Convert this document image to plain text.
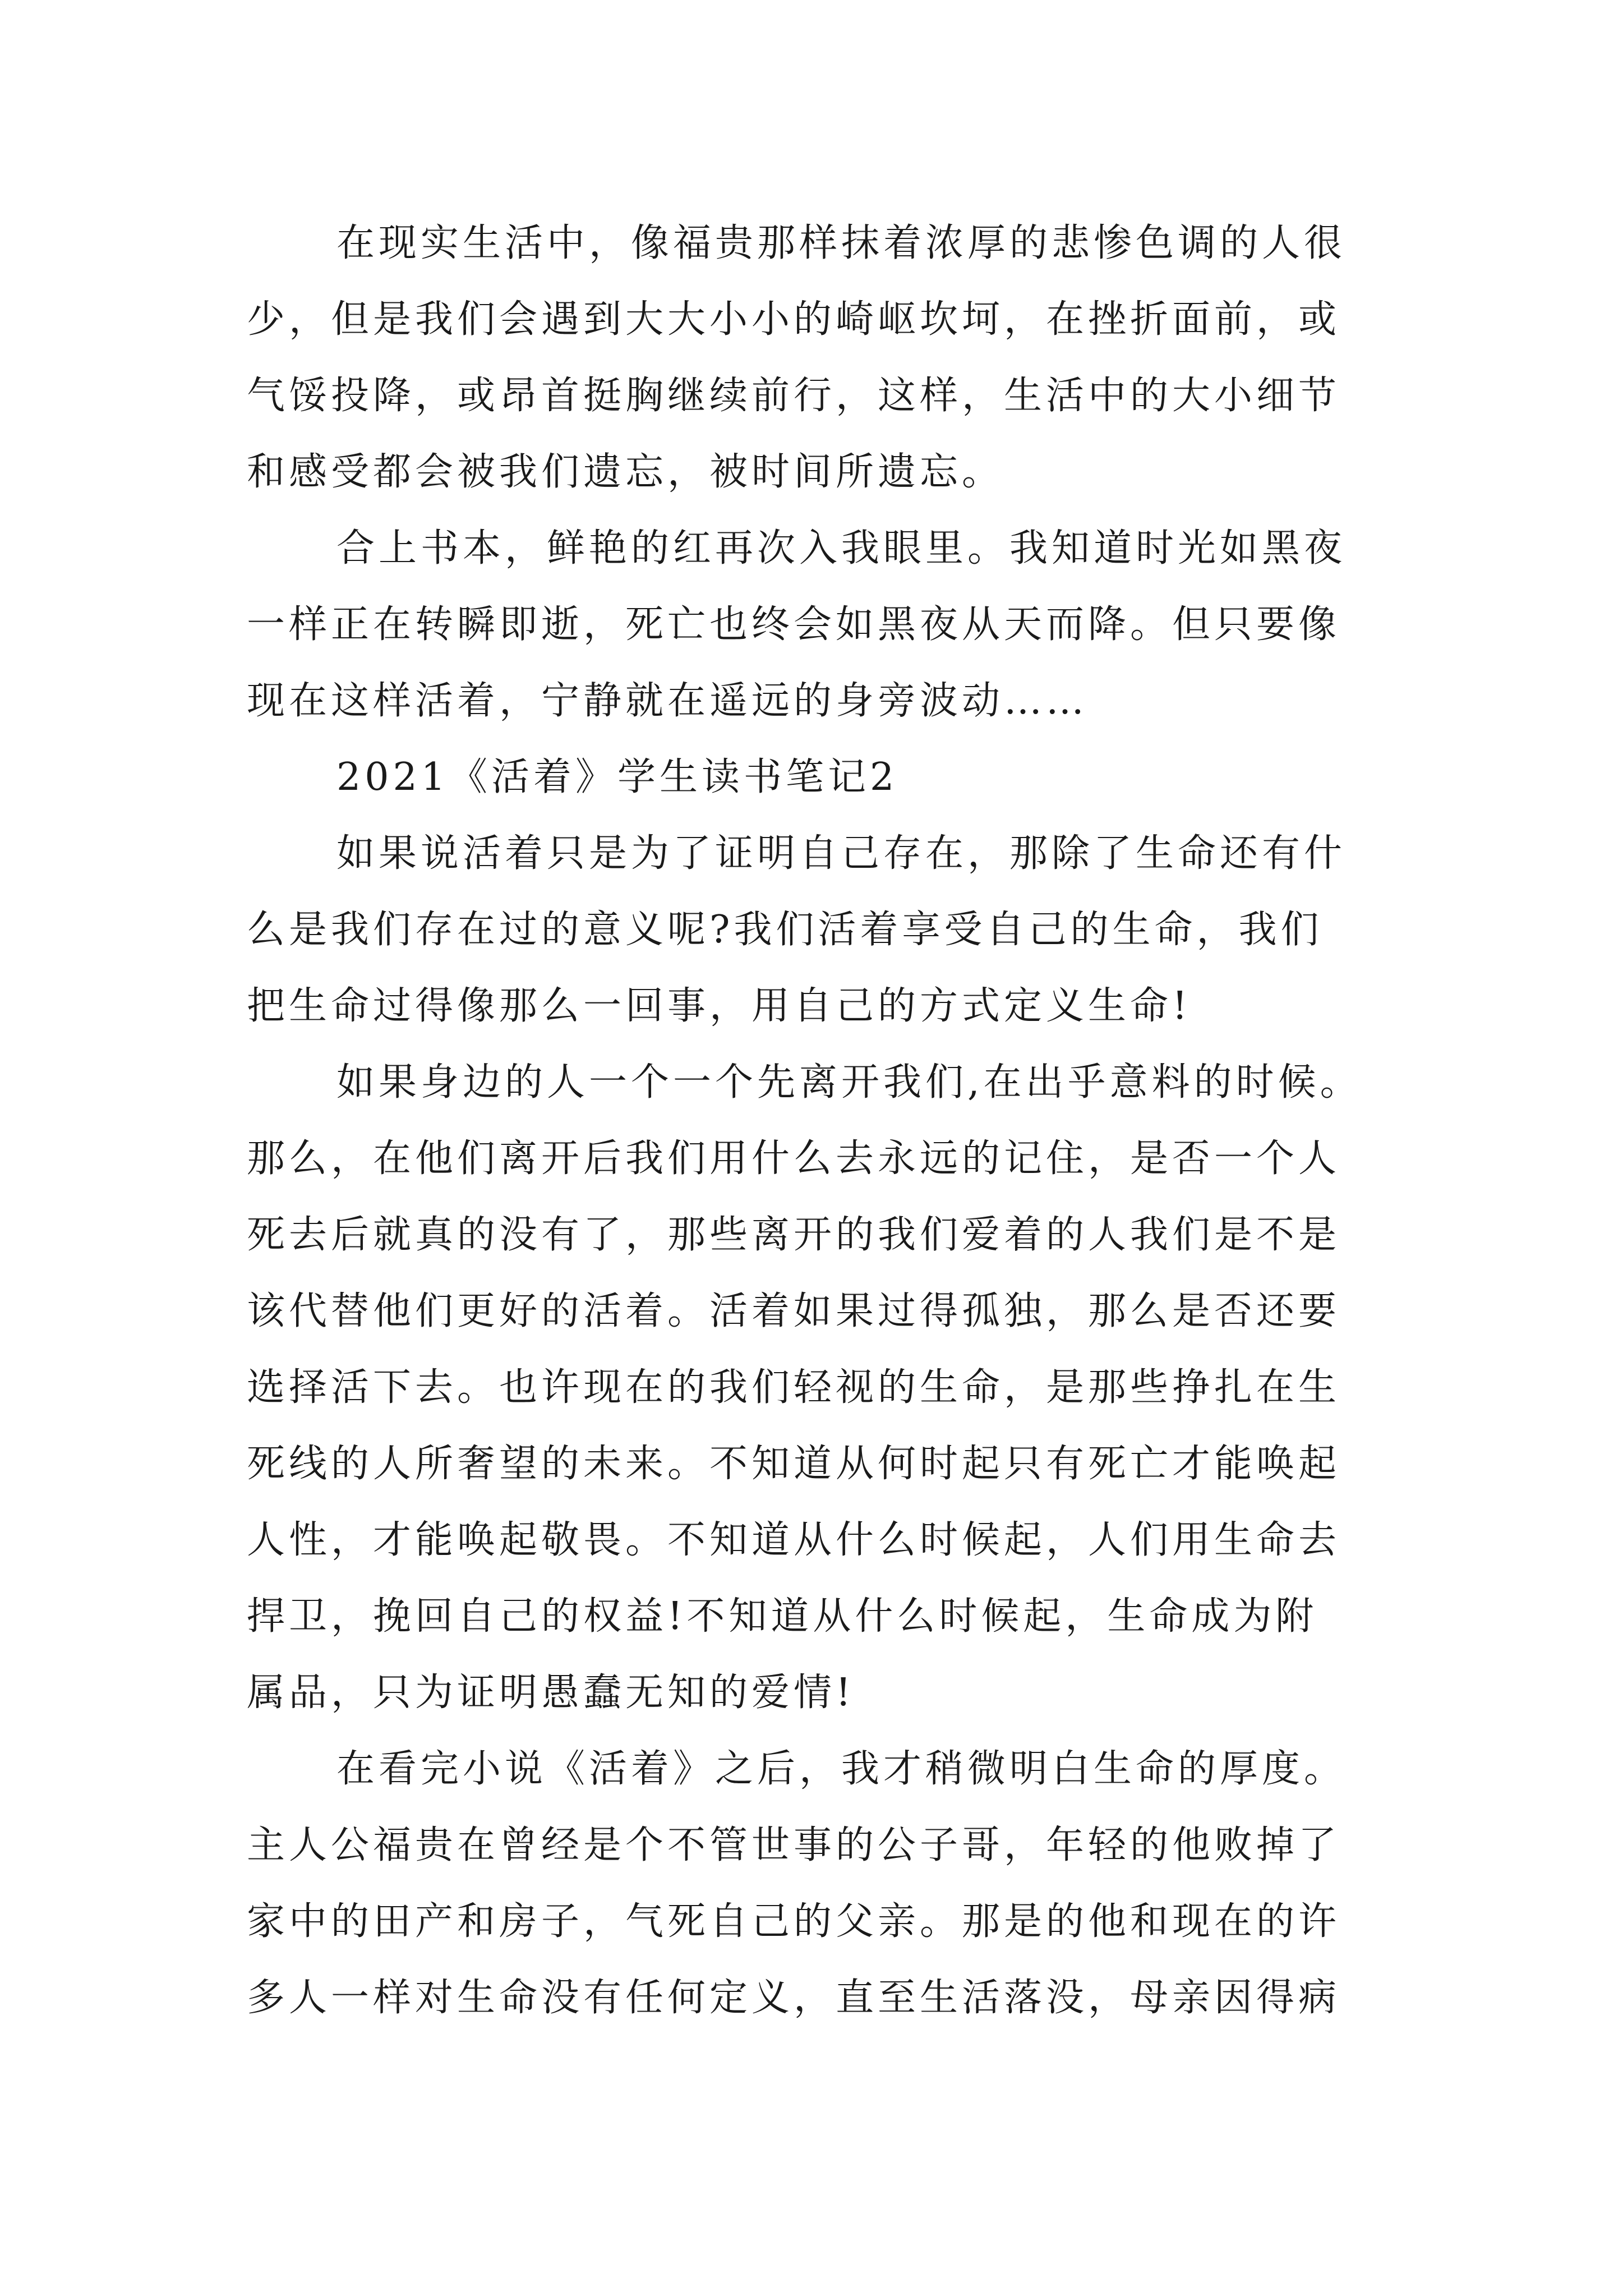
在现实生活中，像福贵那样抹着浓厚的悲惨色调的人很
少，但是我们会遇到大大小小的崎岖坎坷，在挫折面前，或
气馁投降，或昂首挺胸继续前行，这样，生活中的大小细节
和感受都会被我们遗忘，被时间所遗忘。
合上书本，鲜艳的红再次入我眼里。我知道时光如黑夜
一样正在转瞬即逝，死亡也终会如黑夜从天而降。但只要像
现在这样活着，宁静就在遥远的身旁波动……
2021《活着》学生读书笔记2
如果说活着只是为了证明自己存在，那除了生命还有什
么是我们存在过的意义呢?我们活着享受自己的生命，我们
把生命过得像那么一回事，用自己的方式定义生命!
如果身边的人一个一个先离开我们,在出乎意料的时候。
那么，在他们离开后我们用什么去永远的记住，是否一个人
死去后就真的没有了，那些离开的我们爱着的人我们是不是
该代替他们更好的活着。活着如果过得孤独，那么是否还要
选择活下去。也许现在的我们轻视的生命，是那些挣扎在生
死线的人所奢望的未来。不知道从何时起只有死亡才能唤起
人性，才能唤起敬畏。不知道从什么时候起，人们用生命去
捍卫，挽回自己的权益!不知道从什么时候起，生命成为附
属品，只为证明愚蠢无知的爱情!
在看完小说《活着》之后，我才稍微明白生命的厚度。
主人公福贵在曾经是个不管世事的公子哥，年轻的他败掉了
家中的田产和房子，气死自己的父亲。那是的他和现在的许
多人一样对生命没有任何定义，直至生活落没，母亲因得病
